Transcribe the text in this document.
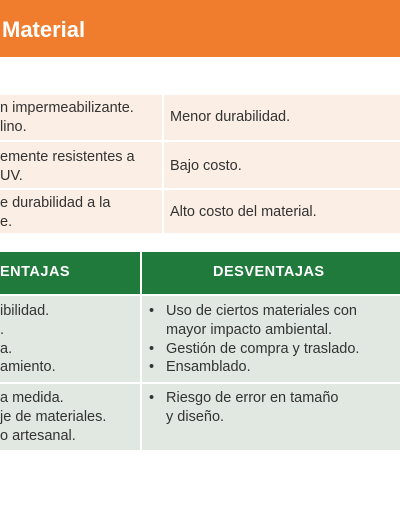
Material
n impermeabilizante.
lino.
Menor durabilidad.
emente resistentes a
UV.
Bajo costo.
e durabilidad a la
e.
Alto costo del material.
ENTAJAS	DESVENTAJAS
ibilidad.
.
a.
amiento.
• Uso de ciertos materiales con
mayor impacto ambiental.
• Gestión de compra y traslado.
• Ensamblado.
a medida.
je de materiales.
o artesanal.
• Riesgo de error en tamaño
y diseño.
